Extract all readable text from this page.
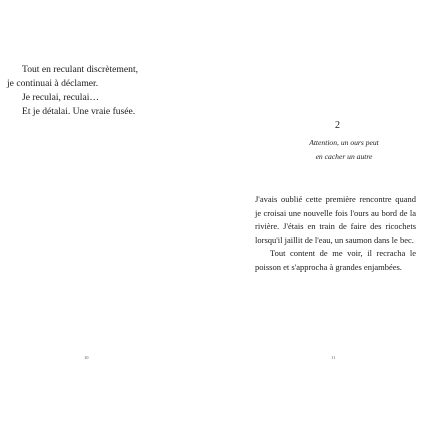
Tout en reculant discrètement,
je continuai à déclamer.
Je reculai, reculai…
Et je détalai. Une vraie fusée.
10
2
Attention, un ours peut
en cacher un autre

J'avais oublié cette première rencontre quand je croisai une nouvelle fois l'ours au bord de la rivière. J'étais en train de faire des ricochets lorsqu'il jaillit de l'eau, un saumon dans le bec.

Tout content de me voir, il recracha le poisson et s'approcha à grandes enjambées.

11
